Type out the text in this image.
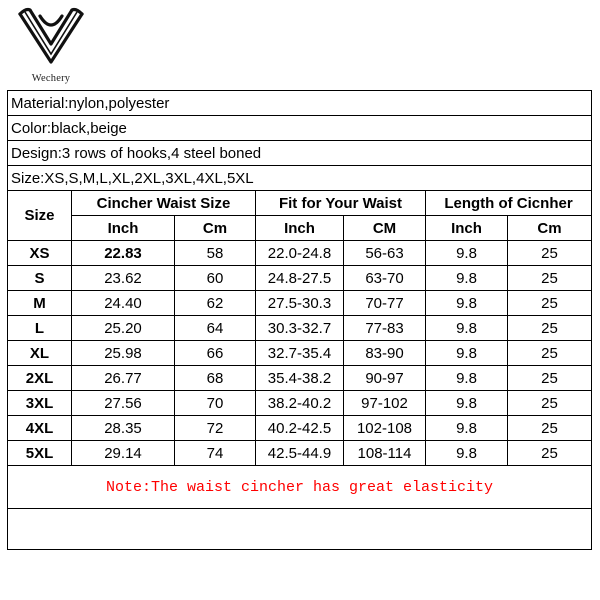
Wechery
Material:nylon,polyester						
Color:black,beige						
Design:3 rows of hooks,4 steel boned						
Size:XS,S,M,L,XL,2XL,3XL,4XL,5XL						
Size	Cincher Waist Size		Fit for Your Waist		Length of Cicnher	
	Inch	Cm	Inch	CM	Inch	Cm
XS	22.83	58	22.0-24.8	56-63	9.8	25
S	23.62	60	24.8-27.5	63-70	9.8	25
M	24.40	62	27.5-30.3	70-77	9.8	25
L	25.20	64	30.3-32.7	77-83	9.8	25
XL	25.98	66	32.7-35.4	83-90	9.8	25
2XL	26.77	68	35.4-38.2	90-97	9.8	25
3XL	27.56	70	38.2-40.2	97-102	9.8	25
4XL	28.35	72	40.2-42.5	102-108	9.8	25
5XL	29.14	74	42.5-44.9	108-114	9.8	25
Note:The waist cincher has great elasticity						
